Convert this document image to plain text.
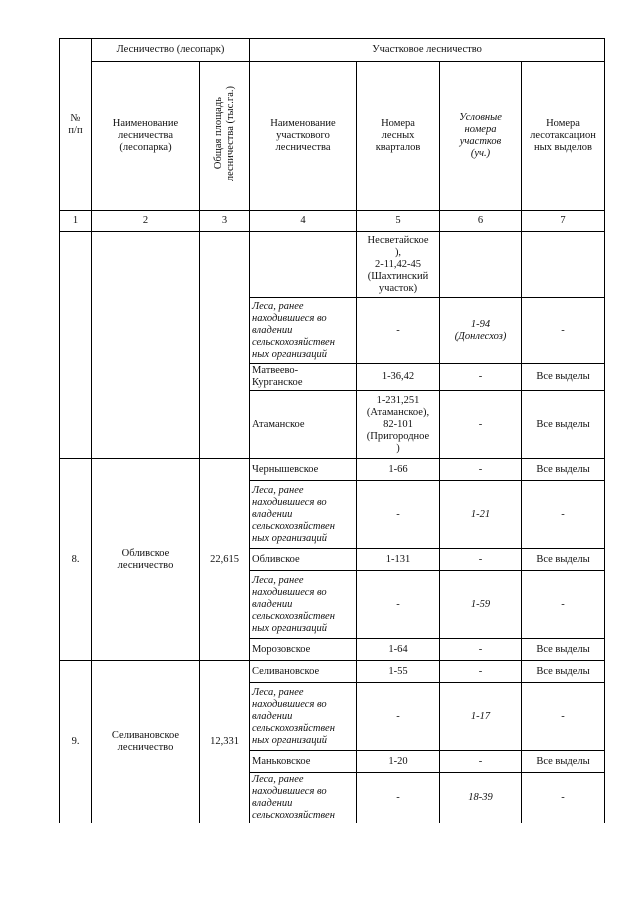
№
п/п	Лесничество (лесопарк)		Участковое лесничество			
	Наименование
лесничества
(лесопарка)	Общая площадь
лесничества (тыс.га.)	Наименование
участкового
лесничества	Номера
лесных
кварталов	Условные
номера
участков
(уч.)	Номера
лесотаксацион
ных выделов
1	2	3	4	5	6	7
				Несветайское
),
2-11,42-45
(Шахтинский
участок)		
			Леса, ранее
находившиеся во
владении
сельскохозяйствен
ных организаций	-	1-94
(Донлесхоз)	-
			Матвеево-
Курганское	1-36,42	-	Все выделы
			Атаманское	1-231,251
(Атаманское),
82-101
(Пригородное
)	-	Все выделы
8.	Обливское
лесничество	22,615	Чернышевское	1-66	-	Все выделы
			Леса, ранее
находившиеся во
владении
сельскохозяйствен
ных организаций	-	1-21	-
			Обливское	1-131	-	Все выделы
			Леса, ранее
находившиеся во
владении
сельскохозяйствен
ных организаций	-	1-59	-
			Морозовское	1-64	-	Все выделы
9.	Селивановское
лесничество	12,331	Селивановское	1-55	-	Все выделы
			Леса, ранее
находившиеся во
владении
сельскохозяйствен
ных организаций	-	1-17	-
			Маньковское	1-20	-	Все выделы
			Леса, ранее
находившиеся во
владении
сельскохозяйствен	-	18-39	-
